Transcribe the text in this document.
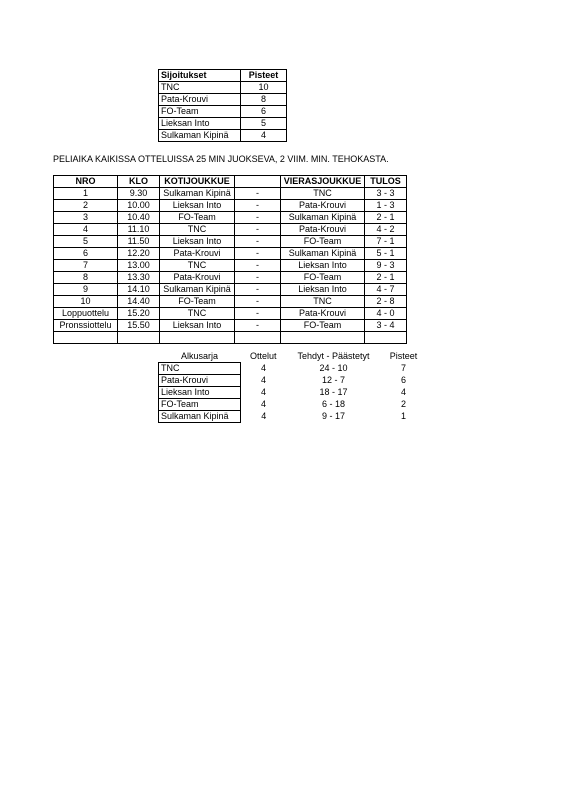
Sijoitukset	Pisteet
TNC	10
Pata-Krouvi	8
FO-Team	6
Lieksan Into	5
Sulkaman Kipinä	4
PELIAIKA KAIKISSA OTTELUISSA 25 MIN JUOKSEVA, 2 VIIM. MIN. TEHOKASTA.
NRO	KLO	KOTIJOUKKUE		VIERASJOUKKUE	TULOS
1	9.30	Sulkaman Kipinä	-	TNC	3 - 3
2	10.00	Lieksan Into	-	Pata-Krouvi	1 - 3
3	10.40	FO-Team	-	Sulkaman Kipinä	2 - 1
4	11.10	TNC	-	Pata-Krouvi	4 - 2
5	11.50	Lieksan Into	-	FO-Team	7 - 1
6	12.20	Pata-Krouvi	-	Sulkaman Kipinä	5 - 1
7	13.00	TNC	-	Lieksan Into	9 - 3
8	13.30	Pata-Krouvi	-	FO-Team	2 - 1
9	14.10	Sulkaman Kipinä	-	Lieksan Into	4 - 7
10	14.40	FO-Team	-	TNC	2 - 8
Loppuottelu	15.20	TNC	-	Pata-Krouvi	4 - 0
Pronssiottelu	15.50	Lieksan Into	-	FO-Team	3 - 4

Alkusarja	Ottelut	Tehdyt - Päästetyt	Pisteet
TNC	4	24 - 10	7
Pata-Krouvi	4	12 - 7	6
Lieksan Into	4	18 - 17	4
FO-Team	4	6 - 18	2
Sulkaman Kipinä	4	9 - 17	1
